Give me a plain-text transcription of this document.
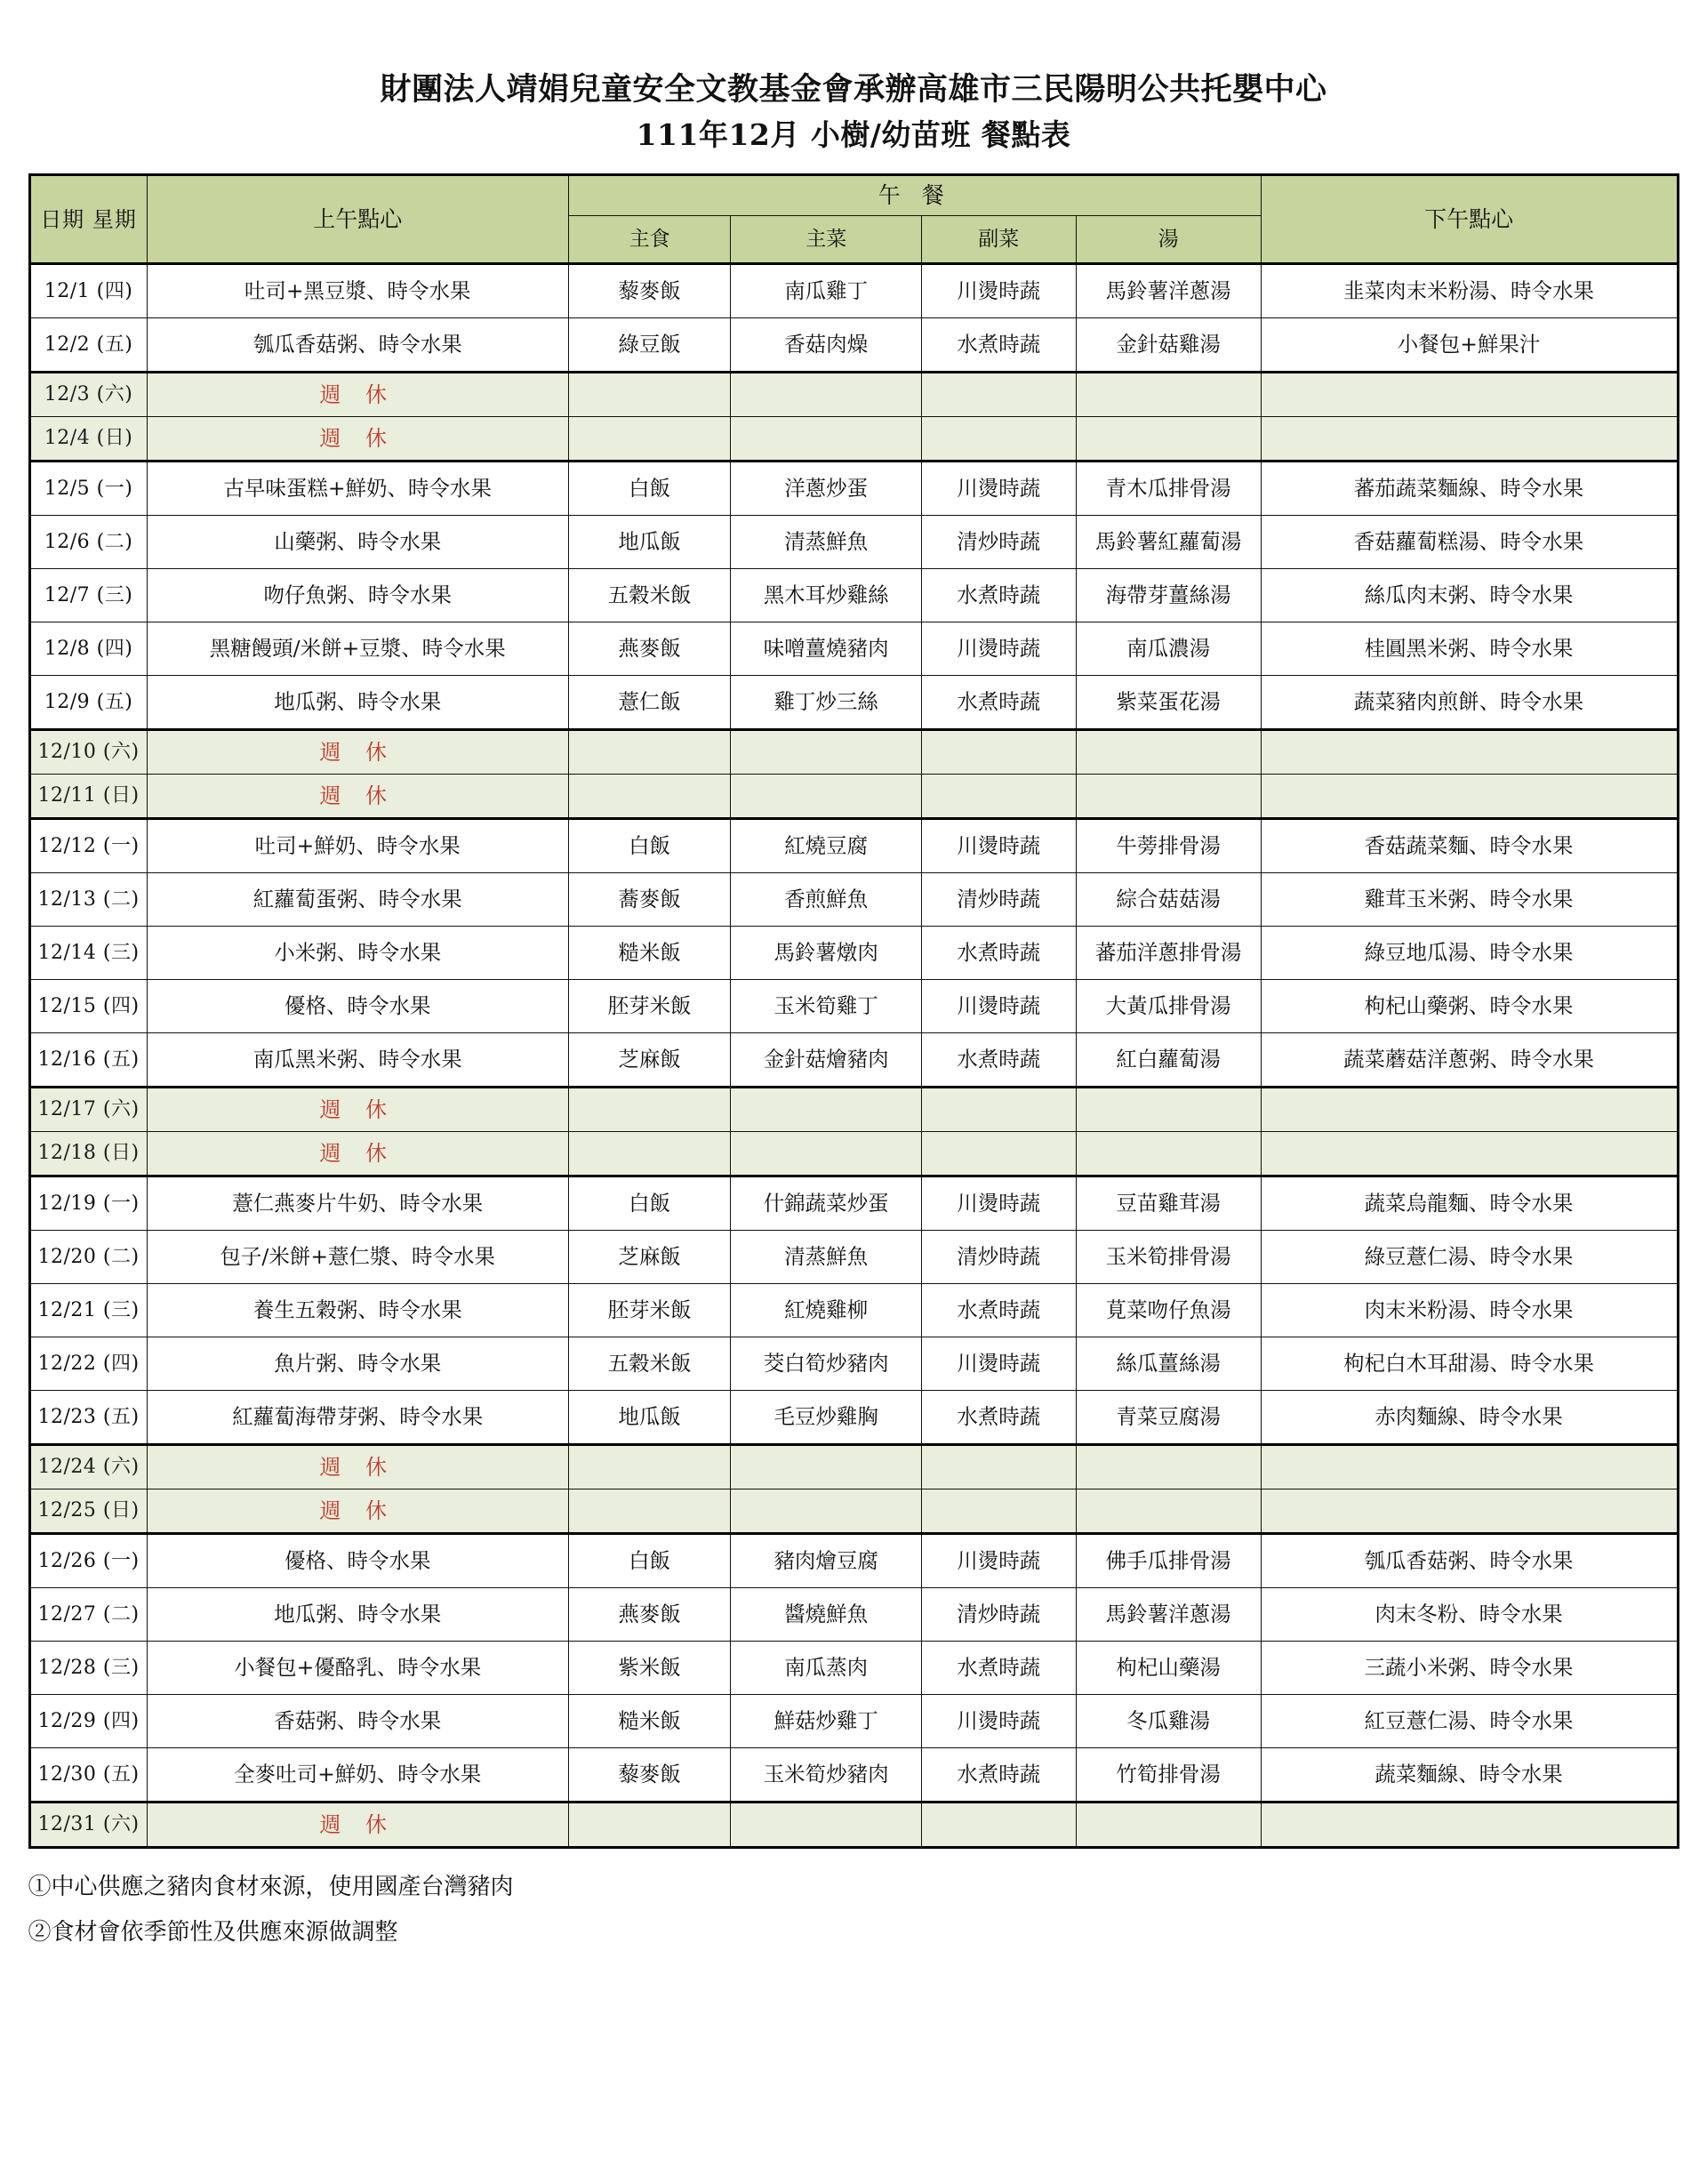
財團法人靖娟兒童安全文教基金會承辦高雄市三民陽明公共托嬰中心
111年12月 小樹/幼苗班 餐點表
日期 星期	上午點心	午 餐				下午點心
		主食	主菜	副菜	湯	
12/1 (四)	吐司+黑豆漿、時令水果	藜麥飯	南瓜雞丁	川燙時蔬	馬鈴薯洋蔥湯	韭菜肉末米粉湯、時令水果
12/2 (五)	瓠瓜香菇粥、時令水果	綠豆飯	香菇肉燥	水煮時蔬	金針菇雞湯	小餐包+鮮果汁
12/3 (六)	週 休					
12/4 (日)	週 休					
12/5 (一)	古早味蛋糕+鮮奶、時令水果	白飯	洋蔥炒蛋	川燙時蔬	青木瓜排骨湯	蕃茄蔬菜麵線、時令水果
12/6 (二)	山藥粥、時令水果	地瓜飯	清蒸鮮魚	清炒時蔬	馬鈴薯紅蘿蔔湯	香菇蘿蔔糕湯、時令水果
12/7 (三)	吻仔魚粥、時令水果	五穀米飯	黑木耳炒雞絲	水煮時蔬	海帶芽薑絲湯	絲瓜肉末粥、時令水果
12/8 (四)	黑糖饅頭/米餅+豆漿、時令水果	燕麥飯	味噌薑燒豬肉	川燙時蔬	南瓜濃湯	桂圓黑米粥、時令水果
12/9 (五)	地瓜粥、時令水果	薏仁飯	雞丁炒三絲	水煮時蔬	紫菜蛋花湯	蔬菜豬肉煎餅、時令水果
12/10 (六)	週 休					
12/11 (日)	週 休					
12/12 (一)	吐司+鮮奶、時令水果	白飯	紅燒豆腐	川燙時蔬	牛蒡排骨湯	香菇蔬菜麵、時令水果
12/13 (二)	紅蘿蔔蛋粥、時令水果	蕎麥飯	香煎鮮魚	清炒時蔬	綜合菇菇湯	雞茸玉米粥、時令水果
12/14 (三)	小米粥、時令水果	糙米飯	馬鈴薯燉肉	水煮時蔬	蕃茄洋蔥排骨湯	綠豆地瓜湯、時令水果
12/15 (四)	優格、時令水果	胚芽米飯	玉米筍雞丁	川燙時蔬	大黃瓜排骨湯	枸杞山藥粥、時令水果
12/16 (五)	南瓜黑米粥、時令水果	芝麻飯	金針菇燴豬肉	水煮時蔬	紅白蘿蔔湯	蔬菜蘑菇洋蔥粥、時令水果
12/17 (六)	週 休					
12/18 (日)	週 休					
12/19 (一)	薏仁燕麥片牛奶、時令水果	白飯	什錦蔬菜炒蛋	川燙時蔬	豆苗雞茸湯	蔬菜烏龍麵、時令水果
12/20 (二)	包子/米餅+薏仁漿、時令水果	芝麻飯	清蒸鮮魚	清炒時蔬	玉米筍排骨湯	綠豆薏仁湯、時令水果
12/21 (三)	養生五穀粥、時令水果	胚芽米飯	紅燒雞柳	水煮時蔬	莧菜吻仔魚湯	肉末米粉湯、時令水果
12/22 (四)	魚片粥、時令水果	五穀米飯	茭白筍炒豬肉	川燙時蔬	絲瓜薑絲湯	枸杞白木耳甜湯、時令水果
12/23 (五)	紅蘿蔔海帶芽粥、時令水果	地瓜飯	毛豆炒雞胸	水煮時蔬	青菜豆腐湯	赤肉麵線、時令水果
12/24 (六)	週 休					
12/25 (日)	週 休					
12/26 (一)	優格、時令水果	白飯	豬肉燴豆腐	川燙時蔬	佛手瓜排骨湯	瓠瓜香菇粥、時令水果
12/27 (二)	地瓜粥、時令水果	燕麥飯	醬燒鮮魚	清炒時蔬	馬鈴薯洋蔥湯	肉末冬粉、時令水果
12/28 (三)	小餐包+優酪乳、時令水果	紫米飯	南瓜蒸肉	水煮時蔬	枸杞山藥湯	三蔬小米粥、時令水果
12/29 (四)	香菇粥、時令水果	糙米飯	鮮菇炒雞丁	川燙時蔬	冬瓜雞湯	紅豆薏仁湯、時令水果
12/30 (五)	全麥吐司+鮮奶、時令水果	藜麥飯	玉米筍炒豬肉	水煮時蔬	竹筍排骨湯	蔬菜麵線、時令水果
12/31 (六)	週 休					
①中心供應之豬肉食材來源，使用國產台灣豬肉
②食材會依季節性及供應來源做調整
